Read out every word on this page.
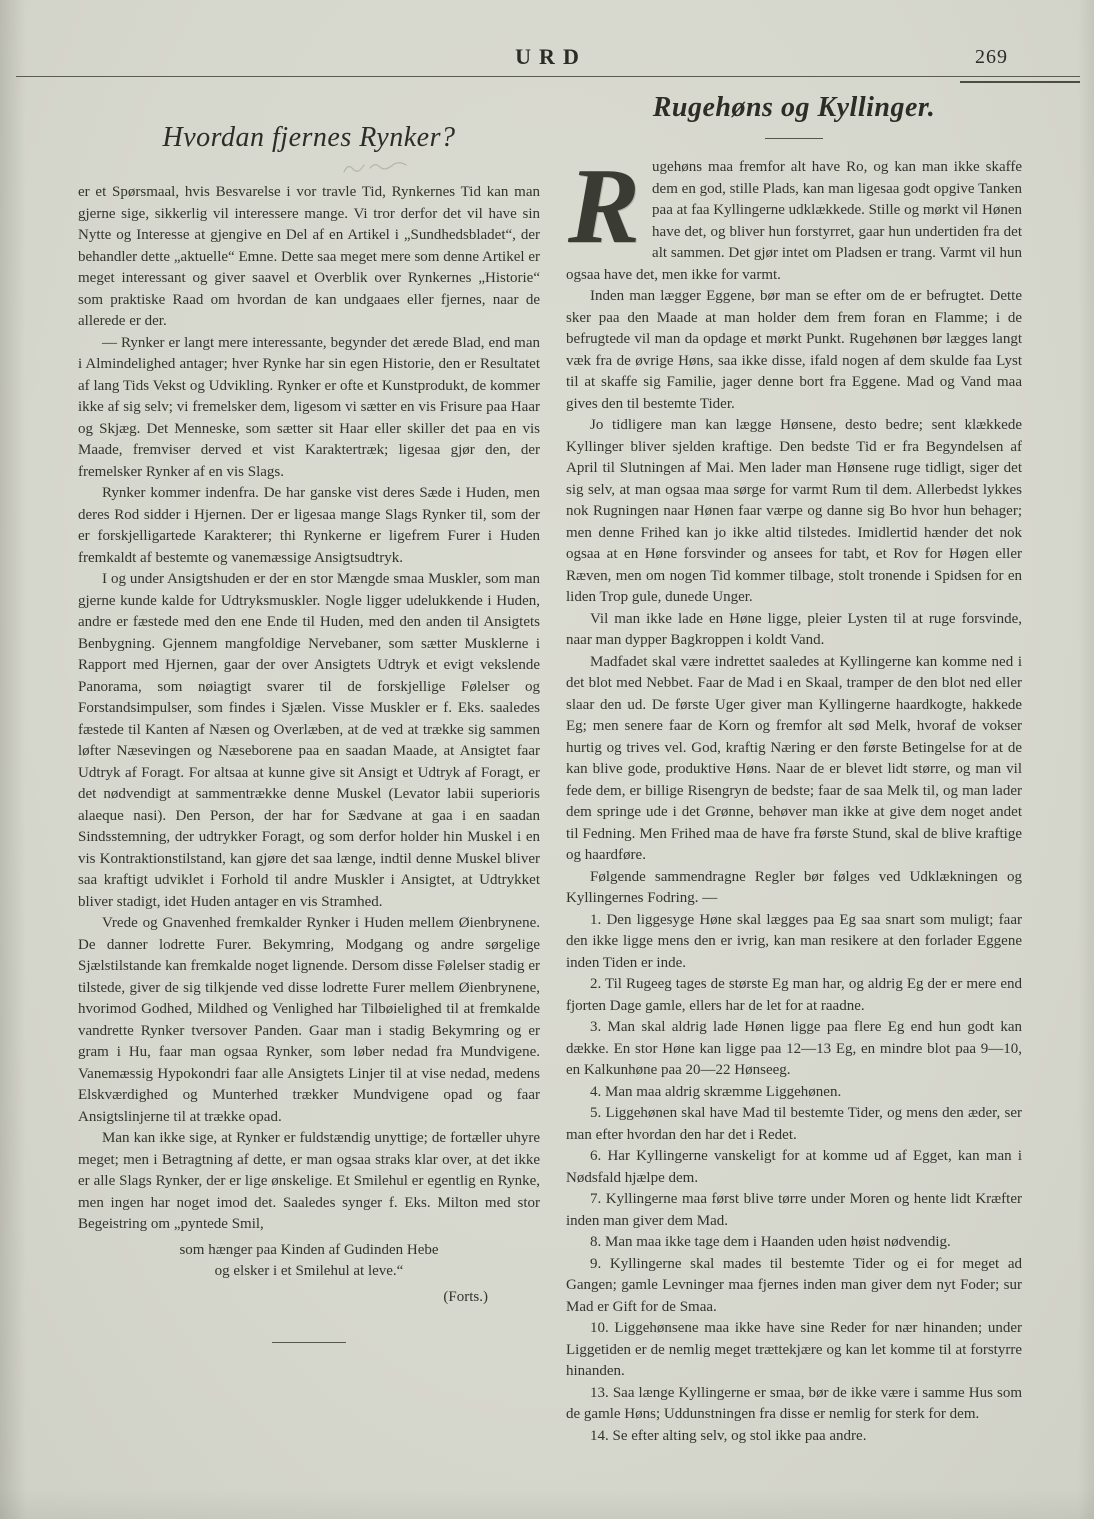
URD	269
Hvordan fjernes Rynker?

er et Spørsmaal, hvis Besvarelse i vor travle Tid, Rynkernes Tid kan man gjerne sige, sikkerlig vil interessere mange. Vi tror derfor det vil have sin Nytte og Interesse at gjengive en Del af en Artikel i „Sundhedsbladet“, der behandler dette „aktuelle“ Emne. Dette saa meget mere som denne Artikel er meget interessant og giver saavel et Overblik over Rynkernes „Historie“ som praktiske Raad om hvordan de kan undgaaes eller fjernes, naar de allerede er der.

— Rynker er langt mere interessante, begynder det ærede Blad, end man i Almindelighed antager; hver Rynke har sin egen Historie, den er Resultatet af lang Tids Vekst og Udvikling. Rynker er ofte et Kunstprodukt, de kommer ikke af sig selv; vi fremelsker dem, ligesom vi sætter en vis Frisure paa Haar og Skjæg. Det Menneske, som sætter sit Haar eller skiller det paa en vis Maade, fremviser derved et vist Karaktertræk; ligesaa gjør den, der fremelsker Rynker af en vis Slags.

Rynker kommer indenfra. De har ganske vist deres Sæde i Huden, men deres Rod sidder i Hjernen. Der er ligesaa mange Slags Rynker til, som der er forskjelligartede Karakterer; thi Rynkerne er ligefrem Furer i Huden fremkaldt af bestemte og vanemæssige Ansigtsudtryk.

I og under Ansigtshuden er der en stor Mængde smaa Muskler, som man gjerne kunde kalde for Udtryksmuskler. Nogle ligger udelukkende i Huden, andre er fæstede med den ene Ende til Huden, med den anden til Ansigtets Benbygning. Gjennem mangfoldige Nervebaner, som sætter Musklerne i Rapport med Hjernen, gaar der over Ansigtets Udtryk et evigt vekslende Panorama, som nøiagtigt svarer til de forskjellige Følelser og Forstandsimpulser, som findes i Sjælen. Visse Muskler er f. Eks. saaledes fæstede til Kanten af Næsen og Overlæben, at de ved at trække sig sammen løfter Næsevingen og Næseborene paa en saadan Maade, at Ansigtet faar Udtryk af Foragt. For altsaa at kunne give sit Ansigt et Udtryk af Foragt, er det nødvendigt at sammentrække denne Muskel (Levator labii superioris alaeque nasi). Den Person, der har for Sædvane at gaa i en saadan Sindsstemning, der udtrykker Foragt, og som derfor holder hin Muskel i en vis Kontraktionstilstand, kan gjøre det saa længe, indtil denne Muskel bliver saa kraftigt udviklet i Forhold til andre Muskler i Ansigtet, at Udtrykket bliver stadigt, idet Huden antager en vis Stramhed.

Vrede og Gnavenhed fremkalder Rynker i Huden mellem Øienbrynene. De danner lodrette Furer. Bekymring, Modgang og andre sørgelige Sjælstilstande kan fremkalde noget lignende. Dersom disse Følelser stadig er tilstede, giver de sig tilkjende ved disse lodrette Furer mellem Øienbrynene, hvorimod Godhed, Mildhed og Venlighed har Tilbøielighed til at fremkalde vandrette Rynker tversover Panden. Gaar man i stadig Bekymring og er gram i Hu, faar man ogsaa Rynker, som løber nedad fra Mundvigene. Vanemæssig Hypokondri faar alle Ansigtets Linjer til at vise nedad, medens Elskværdighed og Munterhed trækker Mundvigene opad og faar Ansigtslinjerne til at trække opad.

Man kan ikke sige, at Rynker er fuldstændig unyttige; de fortæller uhyre meget; men i Betragtning af dette, er man ogsaa straks klar over, at det ikke er alle Slags Rynker, der er lige ønskelige. Et Smilehul er egentlig en Rynke, men ingen har noget imod det. Saaledes synger f. Eks. Milton med stor Begeistring om „pyntede Smil,

som hænger paa Kinden af Gudinden Hebe
og elsker i et Smilehul at leve.“
(Forts.)
Rugehøns og Kyllinger.

R ugehøns maa fremfor alt have Ro, og kan man ikke skaffe dem en god, stille Plads, kan man ligesaa godt opgive Tanken paa at faa Kyllingerne udklækkede. Stille og mørkt vil Hønen have det, og bliver hun forstyrret, gaar hun undertiden fra det alt sammen. Det gjør intet om Pladsen er trang. Varmt vil hun ogsaa have det, men ikke for varmt.

Inden man lægger Eggene, bør man se efter om de er befrugtet. Dette sker paa den Maade at man holder dem frem foran en Flamme; i de befrugtede vil man da opdage et mørkt Punkt. Rugehønen bør lægges langt væk fra de øvrige Høns, saa ikke disse, ifald nogen af dem skulde faa Lyst til at skaffe sig Familie, jager denne bort fra Eggene. Mad og Vand maa gives den til bestemte Tider.

Jo tidligere man kan lægge Hønsene, desto bedre; sent klækkede Kyllinger bliver sjelden kraftige. Den bedste Tid er fra Begyndelsen af April til Slutningen af Mai. Men lader man Hønsene ruge tidligt, siger det sig selv, at man ogsaa maa sørge for varmt Rum til dem. Allerbedst lykkes nok Rugningen naar Hønen faar værpe og danne sig Bo hvor hun behager; men denne Frihed kan jo ikke altid tilstedes. Imidlertid hænder det nok ogsaa at en Høne forsvinder og ansees for tabt, et Rov for Høgen eller Ræven, men om nogen Tid kommer tilbage, stolt tronende i Spidsen for en liden Trop gule, dunede Unger.

Vil man ikke lade en Høne ligge, pleier Lysten til at ruge forsvinde, naar man dypper Bagkroppen i koldt Vand.

Madfadet skal være indrettet saaledes at Kyllingerne kan komme ned i det blot med Nebbet. Faar de Mad i en Skaal, tramper de den blot ned eller slaar den ud. De første Uger giver man Kyllingerne haardkogte, hakkede Eg; men senere faar de Korn og fremfor alt sød Melk, hvoraf de vokser hurtig og trives vel. God, kraftig Næring er den første Betingelse for at de kan blive gode, produktive Høns. Naar de er blevet lidt større, og man vil fede dem, er billige Risengryn de bedste; faar de saa Melk til, og man lader dem springe ude i det Grønne, behøver man ikke at give dem noget andet til Fedning. Men Frihed maa de have fra første Stund, skal de blive kraftige og haardføre.

Følgende sammendragne Regler bør følges ved Udklækningen og Kyllingernes Fodring. —

1. Den liggesyge Høne skal lægges paa Eg saa snart som muligt; faar den ikke ligge mens den er ivrig, kan man resikere at den forlader Eggene inden Tiden er inde.

2. Til Rugeeg tages de største Eg man har, og aldrig Eg der er mere end fjorten Dage gamle, ellers har de let for at raadne.

3. Man skal aldrig lade Hønen ligge paa flere Eg end hun godt kan dække. En stor Høne kan ligge paa 12—13 Eg, en mindre blot paa 9—10, en Kalkunhøne paa 20—22 Hønseeg.

4. Man maa aldrig skræmme Liggehønen.

5. Liggehønen skal have Mad til bestemte Tider, og mens den æder, ser man efter hvordan den har det i Redet.

6. Har Kyllingerne vanskeligt for at komme ud af Egget, kan man i Nødsfald hjælpe dem.

7. Kyllingerne maa først blive tørre under Moren og hente lidt Kræfter inden man giver dem Mad.

8. Man maa ikke tage dem i Haanden uden høist nødvendig.

9. Kyllingerne skal mades til bestemte Tider og ei for meget ad Gangen; gamle Levninger maa fjernes inden man giver dem nyt Foder; sur Mad er Gift for de Smaa.

10. Liggehønsene maa ikke have sine Reder for nær hinanden; under Liggetiden er de nemlig meget trættekjære og kan let komme til at forstyrre hinanden.

13. Saa længe Kyllingerne er smaa, bør de ikke være i samme Hus som de gamle Høns; Uddunstningen fra disse er nemlig for sterk for dem.

14. Se efter alting selv, og stol ikke paa andre.
